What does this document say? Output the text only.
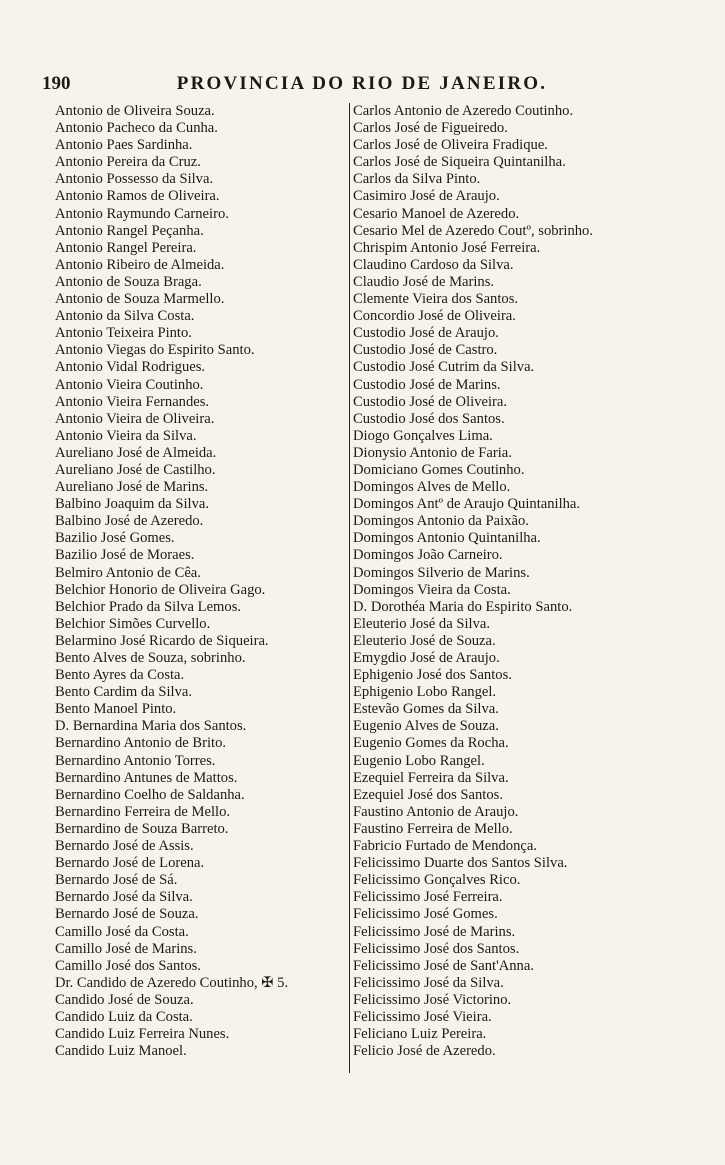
190	PROVINCIA DO RIO DE JANEIRO.
Antonio de Oliveira Souza.
Antonio Pacheco da Cunha.
Antonio Paes Sardinha.
Antonio Pereira da Cruz.
Antonio Possesso da Silva.
Antonio Ramos de Oliveira.
Antonio Raymundo Carneiro.
Antonio Rangel Peçanha.
Antonio Rangel Pereira.
Antonio Ribeiro de Almeida.
Antonio de Souza Braga.
Antonio de Souza Marmello.
Antonio da Silva Costa.
Antonio Teixeira Pinto.
Antonio Viegas do Espirito Santo.
Antonio Vidal Rodrigues.
Antonio Vieira Coutinho.
Antonio Vieira Fernandes.
Antonio Vieira de Oliveira.
Antonio Vieira da Silva.
Aureliano José de Almeida.
Aureliano José de Castilho.
Aureliano José de Marins.
Balbino Joaquim da Silva.
Balbino José de Azeredo.
Bazilio José Gomes.
Bazilio José de Moraes.
Belmiro Antonio de Cêa.
Belchior Honorio de Oliveira Gago.
Belchior Prado da Silva Lemos.
Belchior Simões Curvello.
Belarmino José Ricardo de Siqueira.
Bento Alves de Souza, sobrinho.
Bento Ayres da Costa.
Bento Cardim da Silva.
Bento Manoel Pinto.
D. Bernardina Maria dos Santos.
Bernardino Antonio de Brito.
Bernardino Antonio Torres.
Bernardino Antunes de Mattos.
Bernardino Coelho de Saldanha.
Bernardino Ferreira de Mello.
Bernardino de Souza Barreto.
Bernardo José de Assis.
Bernardo José de Lorena.
Bernardo José de Sá.
Bernardo José da Silva.
Bernardo José de Souza.
Camillo José da Costa.
Camillo José de Marins.
Camillo José dos Santos.
Dr. Candido de Azeredo Coutinho, ✠ 5.
Candido José de Souza.
Candido Luiz da Costa.
Candido Luiz Ferreira Nunes.
Candido Luiz Manoel.
Carlos Antonio de Azeredo Coutinho.
Carlos José de Figueiredo.
Carlos José de Oliveira Fradique.
Carlos José de Siqueira Quintanilha.
Carlos da Silva Pinto.
Casimiro José de Araujo.
Cesario Manoel de Azeredo.
Cesario Mel de Azeredo Coutº, sobrinho.
Chrispim Antonio José Ferreira.
Claudino Cardoso da Silva.
Claudio José de Marins.
Clemente Vieira dos Santos.
Concordio José de Oliveira.
Custodio José de Araujo.
Custodio José de Castro.
Custodio José Cutrim da Silva.
Custodio José de Marins.
Custodio José de Oliveira.
Custodio José dos Santos.
Diogo Gonçalves Lima.
Dionysio Antonio de Faria.
Domiciano Gomes Coutinho.
Domingos Alves de Mello.
Domingos Antº de Araujo Quintanilha.
Domingos Antonio da Paixão.
Domingos Antonio Quintanilha.
Domingos João Carneiro.
Domingos Silverio de Marins.
Domingos Vieira da Costa.
D. Dorothéa Maria do Espirito Santo.
Eleuterio José da Silva.
Eleuterio José de Souza.
Emygdio José de Araujo.
Ephigenio José dos Santos.
Ephigenio Lobo Rangel.
Estevão Gomes da Silva.
Eugenio Alves de Souza.
Eugenio Gomes da Rocha.
Eugenio Lobo Rangel.
Ezequiel Ferreira da Silva.
Ezequiel José dos Santos.
Faustino Antonio de Araujo.
Faustino Ferreira de Mello.
Fabricio Furtado de Mendonça.
Felicissimo Duarte dos Santos Silva.
Felicissimo Gonçalves Rico.
Felicissimo José Ferreira.
Felicissimo José Gomes.
Felicissimo José de Marins.
Felicissimo José dos Santos.
Felicissimo José de Sant'Anna.
Felicissimo José da Silva.
Felicissimo José Victorino.
Felicissimo José Vieira.
Feliciano Luiz Pereira.
Felicio José de Azeredo.
